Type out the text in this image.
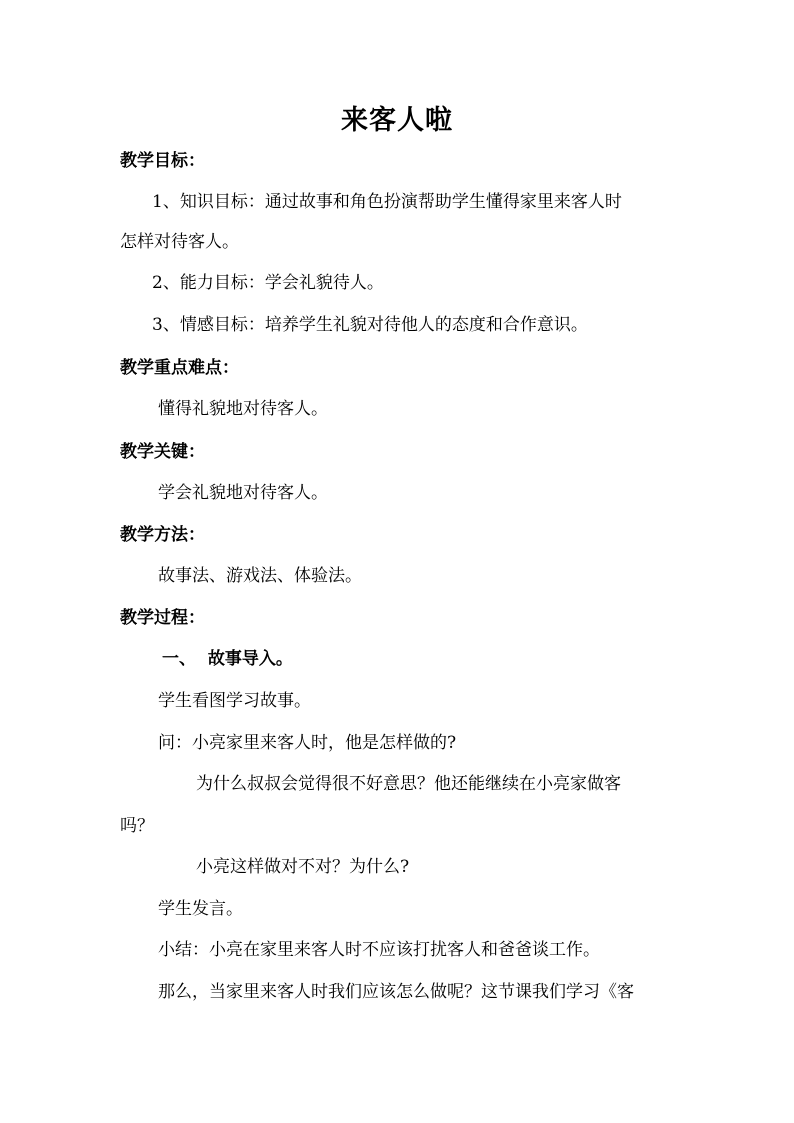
来客人啦

教学目标：

1、知识目标：通过故事和角色扮演帮助学生懂得家里来客人时

怎样对待客人。

2、能力目标：学会礼貌待人。

3、情感目标：培养学生礼貌对待他人的态度和合作意识。

教学重点难点：

懂得礼貌地对待客人。

教学关键：

学会礼貌地对待客人。

教学方法：

故事法、游戏法、体验法。

教学过程：

一、  故事导入。

学生看图学习故事。

问：小亮家里来客人时，他是怎样做的?

为什么叔叔会觉得很不好意思？他还能继续在小亮家做客

吗？

小亮这样做对不对？为什么?

学生发言。

小结：小亮在家里来客人时不应该打扰客人和爸爸谈工作。

那么，当家里来客人时我们应该怎么做呢？这节课我们学习《客
